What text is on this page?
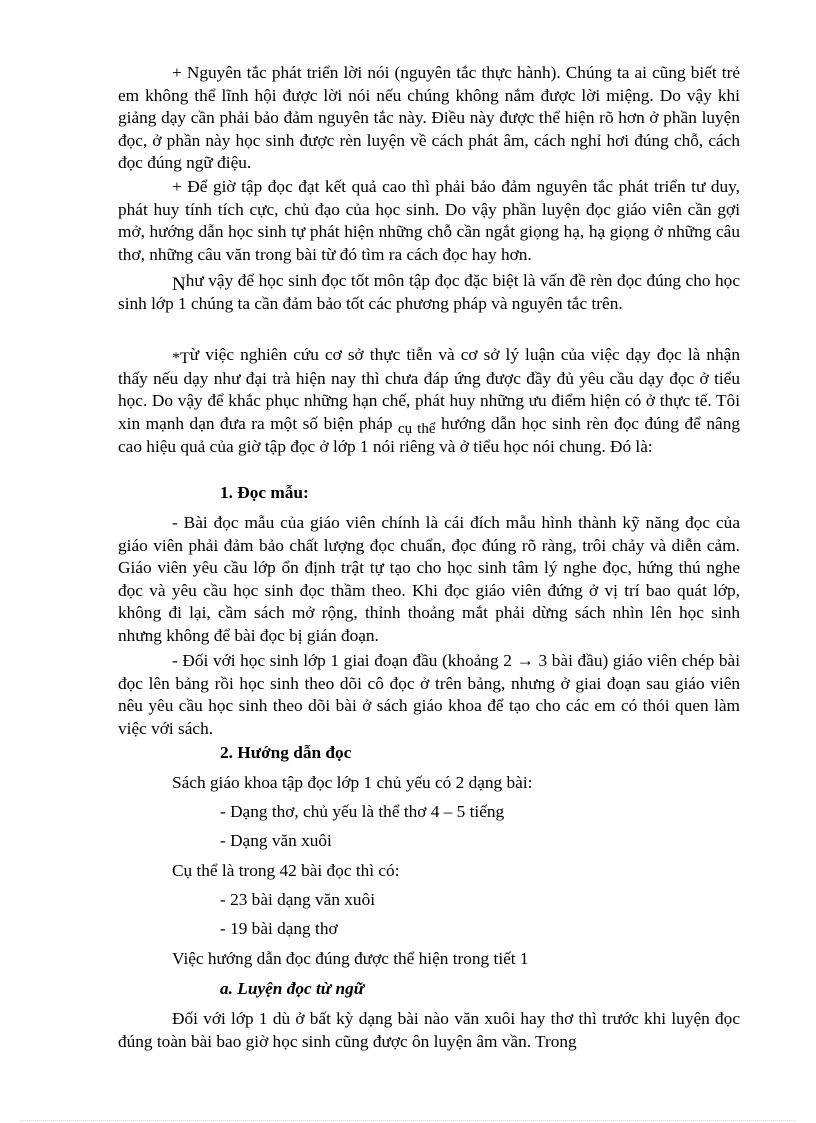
+ Nguyên tắc phát triển lời nói (nguyên tắc thực hành). Chúng ta ai cũng biết trẻ em không thể lĩnh hội được lời nói nếu chúng không nắm được lời miệng. Do vậy khi giảng dạy cần phải bảo đảm nguyên tắc này. Điều này được thể hiện rõ hơn ở phần luyện đọc, ở phần này học sinh được rèn luyện về cách phát âm, cách nghỉ hơi đúng chỗ, cách đọc đúng ngữ điệu.

+ Để giờ tập đọc đạt kết quả cao thì phải bảo đảm nguyên tắc phát triển tư duy, phát huy tính tích cực, chủ đạo của học sinh. Do vậy phần luyện đọc giáo viên cần gợi mở, hướng dẫn học sinh tự phát hiện những chỗ cần ngắt giọng hạ, hạ giọng ở những câu thơ, những câu văn trong bài từ đó tìm ra cách đọc hay hơn.

Như vậy để học sinh đọc tốt môn tập đọc đặc biệt là vấn đề rèn đọc đúng cho học sinh lớp 1 chúng ta cần đảm bảo tốt các phương pháp và nguyên tắc trên.

*Từ việc nghiên cứu cơ sở thực tiễn và cơ sở lý luận của việc dạy đọc là nhận thấy nếu dạy như đại trà hiện nay thì chưa đáp ứng được đầy đủ yêu cầu dạy đọc ở tiểu học. Do vậy để khắc phục những hạn chế, phát huy những ưu điểm hiện có ở thực tế. Tôi xin mạnh dạn đưa ra một số biện pháp cụ thể hướng dẫn học sinh rèn đọc đúng để nâng cao hiệu quả của giờ tập đọc ở lớp 1 nói riêng và ở tiểu học nói chung. Đó là:

1. Đọc mẫu:

- Bài đọc mẫu của giáo viên chính là cái đích mẫu hình thành kỹ năng đọc của giáo viên phải đảm bảo chất lượng đọc chuẩn, đọc đúng rõ ràng, trôi chảy và diễn cảm. Giáo viên yêu cầu lớp ổn định trật tự tạo cho học sinh tâm lý nghe đọc, hứng thú nghe đọc và yêu cầu học sinh đọc thầm theo. Khi đọc giáo viên đứng ở vị trí bao quát lớp, không đi lại, cầm sách mở rộng, thỉnh thoảng mắt phải dừng sách nhìn lên học sinh nhưng không để bài đọc bị gián đoạn.

- Đối với học sinh lớp 1 giai đoạn đầu (khoảng 2 → 3 bài đầu) giáo viên chép bài đọc lên bảng rồi học sinh theo dõi cô đọc ở trên bảng, nhưng ở giai đoạn sau giáo viên nêu yêu cầu học sinh theo dõi bài ở sách giáo khoa để tạo cho các em có thói quen làm việc với sách.

2. Hướng dẫn đọc

Sách giáo khoa tập đọc lớp 1 chủ yếu có 2 dạng bài:

- Dạng thơ, chủ yếu là thể thơ 4 – 5 tiếng

- Dạng văn xuôi

Cụ thể là trong 42 bài đọc thì có:

- 23 bài dạng văn xuôi

- 19 bài dạng thơ

Việc hướng dẫn đọc đúng được thể hiện trong tiết 1

a. Luyện đọc từ ngữ

Đối với lớp 1 dù ở bất kỳ dạng bài nào văn xuôi hay thơ thì trước khi luyện đọc đúng toàn bài bao giờ học sinh cũng được ôn luyện âm vần. Trong
